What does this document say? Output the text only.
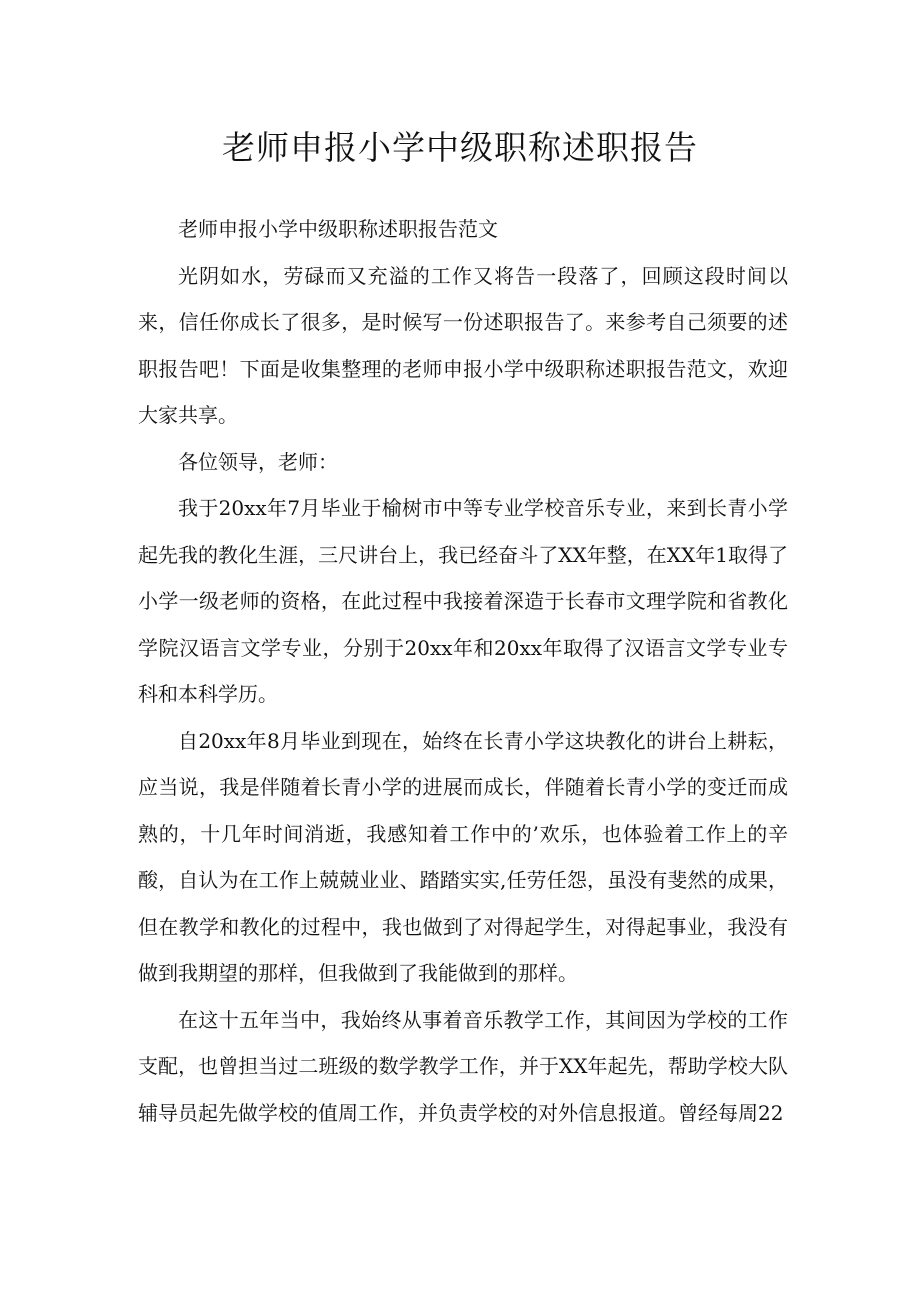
老师申报小学中级职称述职报告

老师申报小学中级职称述职报告范文

光阴如水，劳碌而又充溢的工作又将告一段落了，回顾这段时间以来，信任你成长了很多，是时候写一份述职报告了。来参考自己须要的述职报告吧！下面是收集整理的老师申报小学中级职称述职报告范文，欢迎大家共享。

各位领导，老师：

我于20xx年7月毕业于榆树市中等专业学校音乐专业，来到长青小学起先我的教化生涯，三尺讲台上，我已经奋斗了XX年整，在XX年1取得了小学一级老师的资格，在此过程中我接着深造于长春市文理学院和省教化学院汉语言文学专业，分别于20xx年和20xx年取得了汉语言文学专业专科和本科学历。

自20xx年8月毕业到现在，始终在长青小学这块教化的讲台上耕耘，应当说，我是伴随着长青小学的进展而成长，伴随着长青小学的变迁而成熟的，十几年时间消逝，我感知着工作中的’欢乐，也体验着工作上的辛酸，自认为在工作上兢兢业业、踏踏实实,任劳任怨，虽没有斐然的成果，但在教学和教化的过程中，我也做到了对得起学生，对得起事业，我没有做到我期望的那样，但我做到了我能做到的那样。

在这十五年当中，我始终从事着音乐教学工作，其间因为学校的工作支配，也曾担当过二班级的数学教学工作，并于XX年起先，帮助学校大队辅导员起先做学校的值周工作，并负责学校的对外信息报道。曾经每周22
